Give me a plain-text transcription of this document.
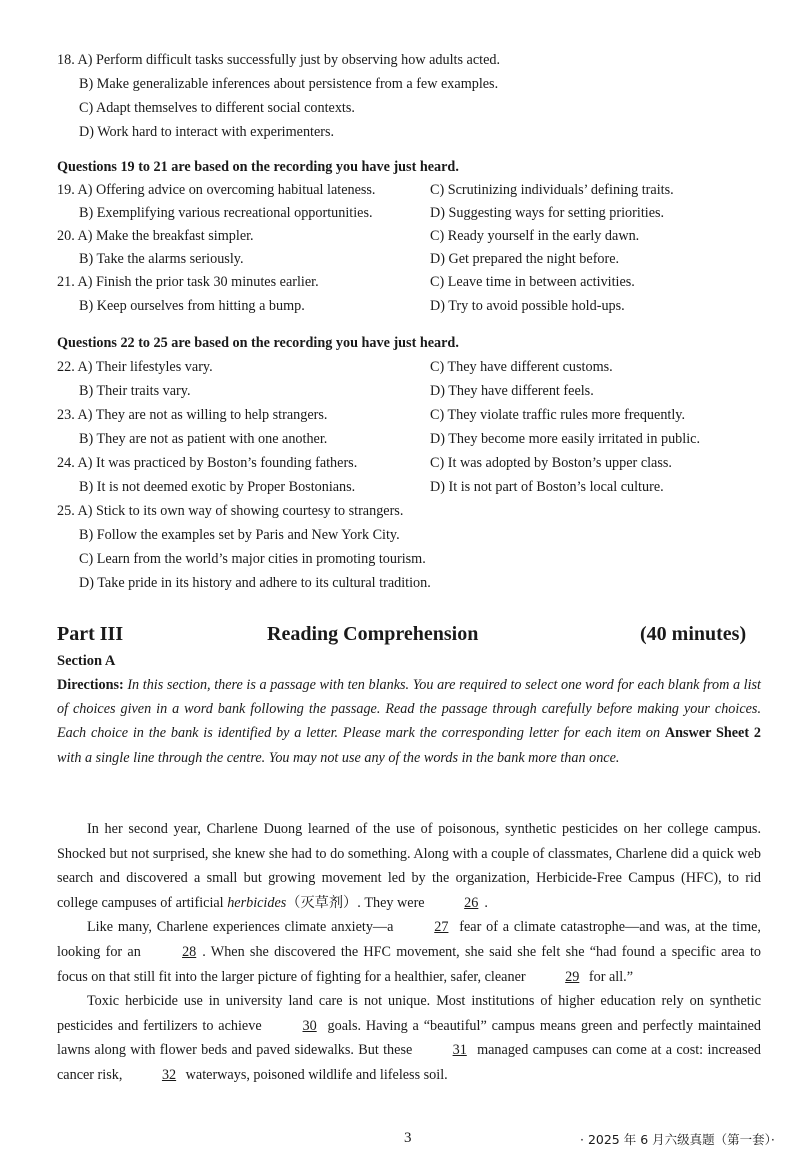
18. A) Perform difficult tasks successfully just by observing how adults acted.
B) Make generalizable inferences about persistence from a few examples.
C) Adapt themselves to different social contexts.
D) Work hard to interact with experimenters.
Questions 19 to 21 are based on the recording you have just heard.
19. A) Offering advice on overcoming habitual lateness.	C) Scrutinizing individuals’ defining traits.
B) Exemplifying various recreational opportunities.	D) Suggesting ways for setting priorities.
20. A) Make the breakfast simpler.	C) Ready yourself in the early dawn.
B) Take the alarms seriously.	D) Get prepared the night before.
21. A) Finish the prior task 30 minutes earlier.	C) Leave time in between activities.
B) Keep ourselves from hitting a bump.	D) Try to avoid possible hold-ups.
Questions 22 to 25 are based on the recording you have just heard.
22. A) Their lifestyles vary.	C) They have different customs.
B) Their traits vary.	D) They have different feels.
23. A) They are not as willing to help strangers.	C) They violate traffic rules more frequently.
B) They are not as patient with one another.	D) They become more easily irritated in public.
24. A) It was practiced by Boston’s founding fathers.	C) It was adopted by Boston’s upper class.
B) It is not deemed exotic by Proper Bostonians.	D) It is not part of Boston’s local culture.
25. A) Stick to its own way of showing courtesy to strangers.
B) Follow the examples set by Paris and New York City.
C) Learn from the world’s major cities in promoting tourism.
D) Take pride in its history and adhere to its cultural tradition.
Part III	Reading Comprehension	(40 minutes)
Section A
Directions: In this section, there is a passage with ten blanks. You are required to select one word for each blank from a list of choices given in a word bank following the passage. Read the passage through carefully before making your choices. Each choice in the bank is identified by a letter. Please mark the corresponding letter for each item on Answer Sheet 2 with a single line through the centre. You may not use any of the words in the bank more than once.

In her second year, Charlene Duong learned of the use of poisonous, synthetic pesticides on her college campus. Shocked but not surprised, she knew she had to do something. Along with a couple of classmates, Charlene did a quick web search and discovered a small but growing movement led by the organization, Herbicide-Free Campus (HFC), to rid college campuses of artificial herbicides（灭草剂）. They were	26 .

Like many, Charlene experiences climate anxiety—a	27 fear of a climate catastrophe—and was, at the time, looking for an	28 . When she discovered the HFC movement, she said she felt she “had found a specific area to focus on that still fit into the larger picture of fighting for a healthier, safer, cleaner	29 for all.”

Toxic herbicide use in university land care is not unique. Most institutions of higher education rely on synthetic pesticides and fertilizers to achieve	30 goals. Having a “beautiful” campus means green and perfectly maintained lawns along with flower beds and paved sidewalks. But these	31 managed campuses can come at a cost: increased cancer risk,	32 waterways, poisoned wildlife and lifeless soil.

3	· 2025 年 6 月六级真题（第一套）·
